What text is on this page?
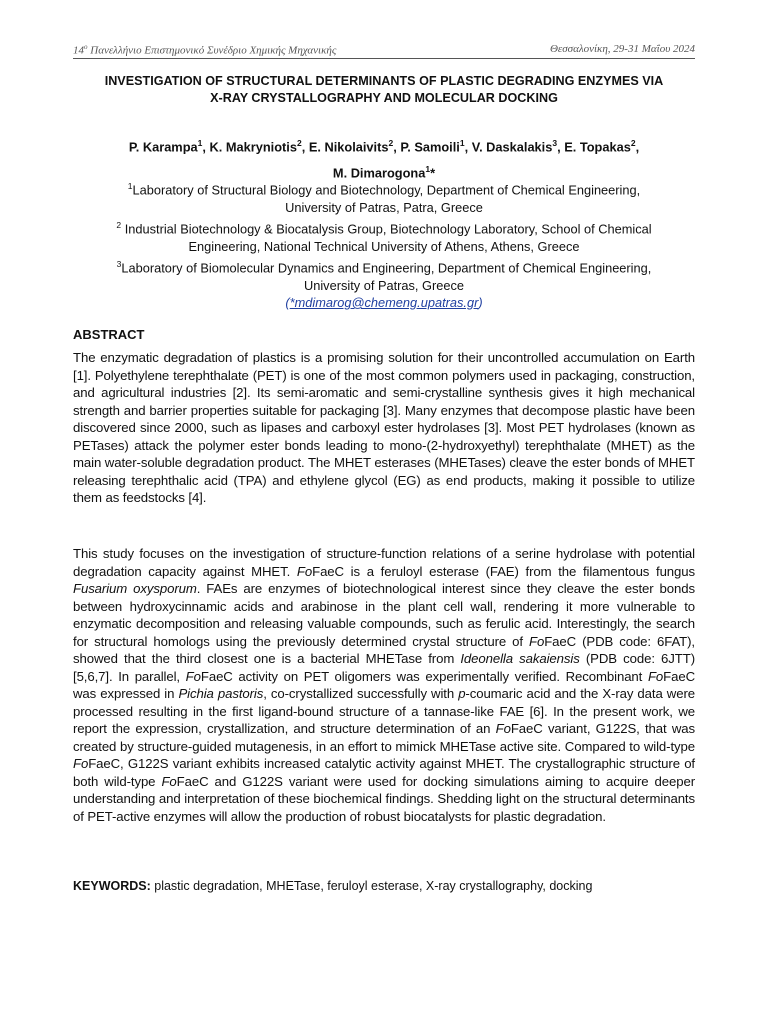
$14^o$ Πανελλήνιο Επιστημονικό Συνέδριο Χημικής Μηχανικής	Θεσσαλονίκη, 29-31 Μαΐου 2024
INVESTIGATION OF STRUCTURAL DETERMINANTS OF PLASTIC DEGRADING ENZYMES VIA
X-RAY CRYSTALLOGRAPHY AND MOLECULAR DOCKING
P. Karampa$^1$, K. Makryniotis$^2$, E. Nikolaivits$^2$, P. Samoili$^1$, V. Daskalakis$^3$, E. Topakas$^2$,
M. Dimarogona$^1$*
$^1$Laboratory of Structural Biology and Biotechnology, Department of Chemical Engineering,
University of Patras, Patra, Greece
$^2$ Industrial Biotechnology & Biocatalysis Group, Biotechnology Laboratory, School of Chemical
Engineering, National Technical University of Athens, Athens, Greece
$^3$Laboratory of Biomolecular Dynamics and Engineering, Department of Chemical Engineering,
University of Patras, Greece
(*mdimarog@chemeng.upatras.gr)
ABSTRACT

The enzymatic degradation of plastics is a promising solution for their uncontrolled accumulation on Earth [1]. Polyethylene terephthalate (PET) is one of the most common polymers used in packaging, construction, and agricultural industries [2]. Its semi-aromatic and semi-crystalline synthesis gives it high mechanical strength and barrier properties suitable for packaging [3]. Many enzymes that decompose plastic have been discovered since 2000, such as lipases and carboxyl ester hydrolases [3]. Most PET hydrolases (known as PETases) attack the polymer ester bonds leading to mono-(2-hydroxyethyl) terephthalate (MHET) as the main water-soluble degradation product. The MHET esterases (MHETases) cleave the ester bonds of MHET releasing terephthalic acid (TPA) and ethylene glycol (EG) as end products, making it possible to utilize them as feedstocks [4].

This study focuses on the investigation of structure-function relations of a serine hydrolase with potential degradation capacity against MHET. FoFaeC is a feruloyl esterase (FAE) from the filamentous fungus Fusarium oxysporum. FAEs are enzymes of biotechnological interest since they cleave the ester bonds between hydroxycinnamic acids and arabinose in the plant cell wall, rendering it more vulnerable to enzymatic decomposition and releasing valuable compounds, such as ferulic acid. Interestingly, the search for structural homologs using the previously determined crystal structure of FoFaeC (PDB code: 6FAT), showed that the third closest one is a bacterial MHETase from Ideonella sakaiensis (PDB code: 6JTT) [5,6,7]. In parallel, FoFaeC activity on PET oligomers was experimentally verified. Recombinant FoFaeC was expressed in Pichia pastoris, co-crystallized successfully with p-coumaric acid and the X-ray data were processed resulting in the first ligand-bound structure of a tannase-like FAE [6]. In the present work, we report the expression, crystallization, and structure determination of an FoFaeC variant, G122S, that was created by structure-guided mutagenesis, in an effort to mimick MHETase active site. Compared to wild-type FoFaeC, G122S variant exhibits increased catalytic activity against MHET. The crystallographic structure of both wild-type FoFaeC and G122S variant were used for docking simulations aiming to acquire deeper understanding and interpretation of these biochemical findings. Shedding light on the structural determinants of PET-active enzymes will allow the production of robust biocatalysts for plastic degradation.

KEYWORDS: plastic degradation, MHETase, feruloyl esterase, X-ray crystallography, docking
